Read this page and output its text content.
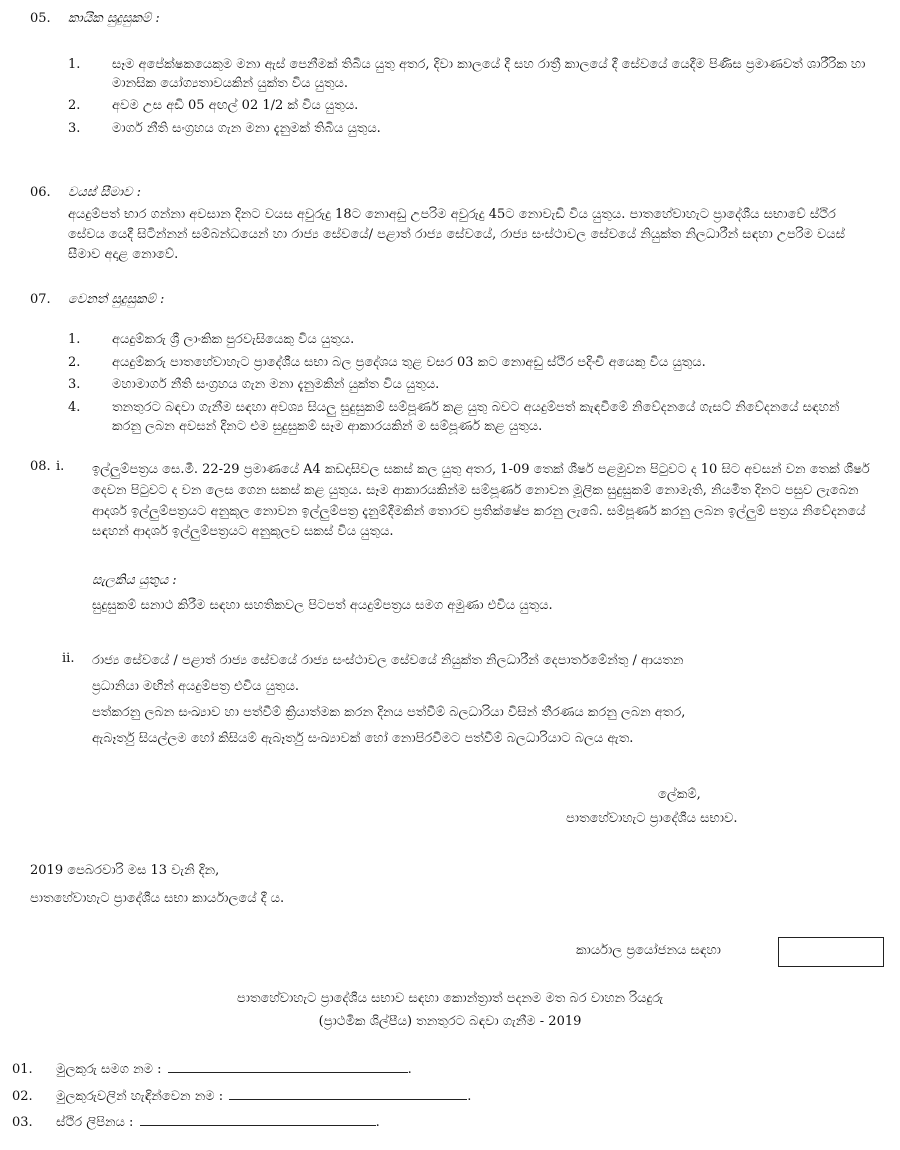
05. කායික සුදුසුකම් :
1.	සෑම අපේක්ෂකයෙකුම මනා ඇස් පෙනීමක් තිබිය යුතු අතර, දිවා කාලයේ දී සහ රාත්‍රී කාලයේ දී සේවයේ යෙදීම පිණිස ප්‍රමාණවත් ශාරීරික හා මානසික යෝග්‍යතාවයකින් යුක්ත විය යුතුය.
2.	අවම උස අඩි 05 අඟල් 02 1/2 ක් විය යුතුය.
3.	මාර්ග නීති සංග්‍රහය ගැන මනා දැනුමක් තිබිය යුතුය.
06. වයස් සීමාව :
අයදුම්පත් භාර ගන්නා අවසාන දිනට වයස අවුරුදු 18ට නොඅඩු උපරිම අවුරුදු 45ට නොවැඩි විය යුතුය. පාතහේවාහැට ප්‍රාදේශීය සභාවේ ස්ථිර සේවය යෙදී සිටින්නන් සම්බන්ධයෙන් හා රාජ්‍ය සේවයේ/ පළාත් රාජ්‍ය සේවයේ, රාජ්‍ය සංස්ථාවල සේවයේ නියුක්ත නිලධාරීන් සඳහා උපරිම වයස් සීමාව අදාළ නොවේ.
07. වෙනත් සුදුසුකම් :
1.	අයදුම්කරු ශ්‍රී ලාංකික පුරවැසියෙකු විය යුතුය.
2.	අයදුම්කරු පාතහේවාහැට ප්‍රාදේශීය සභා බල ප්‍රදේශය තුළ වසර 03 කට නොඅඩු ස්ථිර පදිංචි අයෙකු විය යුතුය.
3.	මහාමාර්ග නීති සංග්‍රහය ගැන මනා දැනුමකින් යුක්ත විය යුතුය.
4.	තනතුරට බඳවා ගැනීම සඳහා අවශ්‍ය සියලු සුදුසුකම් සම්පූර්ණ කළ යුතු බවට අයදුම්පත් කැඳවීමේ නිවේදනයේ ගැසට් නිවේදනයේ සඳහන් කරනු ලබන අවසන් දිනට එම සුදුසුකම් සෑම ආකාරයකින් ම සම්පූර්ණ කළ යුතුය.
08. i. ඉල්ලුම්පත්‍රය සෙ.මී. 22-29 ප්‍රමාණයේ A4 කඩදාසිවල සකස් කල යුතු අතර, 1-09 තෙක් ශීර්ෂ පළමුවන පිටුවට ද 10 සිට අවසන් වන තෙක් ශීර්ෂ දෙවන පිටුවට ද වන ලෙස ගෙන සකස් කළ යුතුය. සෑම ආකාරයකින්ම සම්පූර්ණ නොවන මූලික සුදුසුකම් නොමැති, නියමිත දිනට පසුව ලැබෙන ආදර්ශ ඉල්ලුම්පත්‍රයට අනුකූල නොවන ඉල්ලුම්පත්‍ර දැනුම්දීමකින් තොරව ප්‍රතික්ෂේප කරනු ලැබේ. සම්පූර්ණ කරනු ලබන ඉල්ලුම් පත්‍රය නිවේදනයේ සඳහන් ආදර්ශ ඉල්ලුම්පත්‍රයට අනුකූලව සකස් විය යුතුය.
සැලකිය යුතුය :
සුදුසුකම් සනාථ කිරීම සඳහා සහතිකවල පිටපත් අයදුම්පත්‍රය සමග අමුණා එවිය යුතුය.
ii. රාජ්‍ය සේවයේ / පළාත් රාජ්‍ය සේවයේ රාජ්‍ය සංස්ථාවල සේවයේ නියුක්ත නිලධාරීන් දෙපාර්තමේන්තු / ආයතන
ප්‍රධානියා මඟින් අයදුම්පත්‍ර එවිය යුතුය.
පත්කරනු ලබන සංඛ්‍යාව හා පත්වීම් ක්‍රියාත්මක කරන දිනය පත්වීම් බලධාරියා විසින් තීරණය කරනු ලබන අතර,
ඇබෑර්තු සියල්ලම හෝ කිසියම් ඇබෑර්තු සංඛ්‍යාවක් හෝ නොපිරවීමට පත්වීම් බලධාරියාට බලය ඇත.
ලේකම්,
පාතහේවාහැට ප්‍රාදේශීය සභාව.
2019 පෙබරවාරි මස 13 වැනි දින,
පාතහේවාහැට ප්‍රාදේශීය සභා කාර්යාලයේ දී ය.
කාර්යාල ප්‍රයෝජනය සඳහා
පාතහේවාහැට ප්‍රාදේශීය සභාව සඳහා කොන්ත්‍රාත් පදනම මත බර වාහන රියදුරු
(ප්‍රාථමික ශිල්පීය) තනතුරට බඳවා ගැනීම - 2019
01. මුලකුරු සමග නම :	.
02. මුලකුරුවලින් හැඳින්වෙන නම :	.
03. ස්ථිර ලිපිනය :	.
